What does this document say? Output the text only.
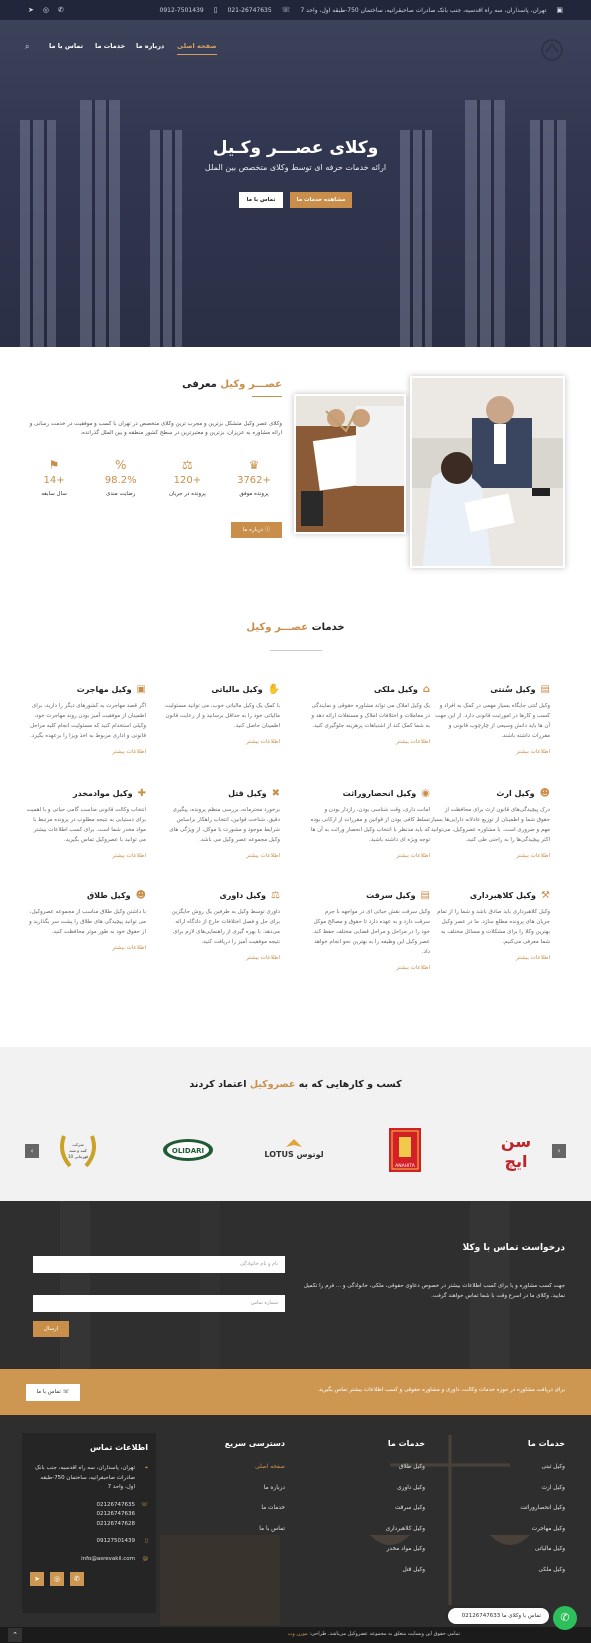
▣
تهران، پاسداران، سه راه اقدسیه، جنب بانک صادرات صاحبقرانیه، ساختمان 750-طبقه اول، واحد 7
☏
021-26747635
▯
0912-7501439
➤ ◎ ✆
⌕	تماس با ما خدمات ما درباره ما صفحه اصلی
وکلای عصـــر وکـیل

ارائه خدمات حرفه ای توسط وکلای متخصص بین الملل

تماس با ما	مشاهده خدمات ما
عصـــر وکیل معرفی
وکلای عصر وکیل متشکل بزترین و مجرب ترین وکلای متخصص در تهران با کسب و موفقیت در خدمت رسانی و ارائه مشاوره به عزیزان، بزترین و معتبرترین در سطح کشور منطقه و بین الملل گذرانده.
♛
+3762
پرونده موفق
⚖
+120
پرونده در جریان
%
98.2%
رضایت مندی
⚑
+14
سال سابقه
درباره ما ⓘ
خدمات عصـــر وکیل
▤
وکیل سُنتی
وکیل تُنتی جایگاه بسیار مهمی در کمک به افراد و کسب و کارها در امورثبت قانونی دارد. از این جهت آن ها باید دانش وسیعی از چارچوب قانونی و مقررات داشته باشند.
اطلاعات بیشتر
⌂
وکیل ملکی
یک وکیل املاک می تواند مشاوره حقوقی و نمایندگی در معاملات و اختلافات املاک و مستغلات ارائه دهد و به شما کمک کند از اشتباهات پرهزینه جلوگیری کنید.
اطلاعات بیشتر
✋
وکیل مالیاتی
با کمک یک وکیل مالیاتی خوب، می توانید مسئولیت مالیاتی خود را به حداقل برسانید و از رعایت قانون اطمینان حاصل کنید.
اطلاعات بیشتر
▣
وکیل مهاجرت
اگر قصد مهاجرت به کشورهای دیگر را دارید، برای اطمینان از موفقیت آمیز بودن روند مهاجرت خود، وکیلی استخدام کنید که مسئولیت انجام کلیه مراحل قانونی و اداری مربوط به اخذ ویزا را برعهده بگیرد.
اطلاعات بیشتر
☻
وکیل ارث
درک پیچیدگی‌های قانون ارث برای محافظت از حقوق شما و اطمینان از توزیع عادلانه دارایی‌ها بسیار مهم و ضروری است. با مشاوره عصروکیل، می‌توانید اکثر پیچیدگی‌ها را به راحتی طی کنید.
اطلاعات بیشتر
◉
وکیل انحصاروراثت
امانت داری، وقت شناسی بودن، رازدار بودن و تسلط کافی بودن از قوانین و مقررات از ارکانی بوده که باید مدنظر با انتخاب وکیل انحصار وراثت به آن ها توجه ویژه ای داشته باشید.
اطلاعات بیشتر
✖
وکیل قتل
برخورد محترمانه، بررسی منظم پرونده، پیگیری دقیق، شناخت قوانین، انتخاب راهکار براساس شرایط موجود و مشورت با موکل، از ویژگی های وکیل مجموعه عصر وکیل می باشد.
اطلاعات بیشتر
✚
وکیل موادمخدر
انتخاب وکالت قانونی مناسب گامی حیاتی و با اهمیت برای دستیابی به نتیجه مطلوب در پرونده مرتبط با مواد مخدر شما است. برای کسب اطلاعات بیشتر می توانید با عصروکیل تماس بگیرید.
اطلاعات بیشتر
⚒
وکیل کلاهبرداری
وکیل کلاهبرداری باید صادق باشد و شما را از تمام جریان های پرونده مطلع سازد. ما در عصر وکیل بهترین وکلا را برای مشکلات و مسائل مختلف به شما معرفی می‌کنیم.
اطلاعات بیشتر
▤
وکیل سرقت
وکیل سرقت نقش حیاتی ای در مواجهه با جرم سرقت دارد و به عهده دارد تا حقوق و مصالح موکل خود را در مراحل و مراحل قضایی مختلف حفظ کند. عصر وکیل این وظیفه را به بهترین نحو انجام خواهد داد.
اطلاعات بیشتر
⚖
وکیل داوری
داوری توسط وکیل به طرفین یک روش جایگزین برای حل و فصل اختلافات خارج از دادگاه ارائه می‌دهد. با بهره گیری از راهنمایی‌های لازم برای نتیجه موفقیت آمیز را دریافت کنید.
اطلاعات بیشتر
☻
وکیل طلاق
با داشتن وکیل طلاق مناسب از مجموعه عصروکیل، می توانید پیچیدگی های طلاق را پشت سر بگذارید و از حقوق خود به طور موثر محافظت کنید.
اطلاعات بیشتر
کسب و کارهایی که به عصروکیل اعتماد کردند
‹	›
سن
ایچ
ANAHITA
LOTUS لوتوس
OLIDARI
شرکت
کنند و منند
10 قهرمانی
درخواست تماس با وکلا

جهت کسب مشاوره و یا برای کسب اطلاعات بیشتر در خصوص دعاوی حقوقی، ملکی، خانوادگی و ... فرم را تکمیل نمایید. وکلای ما در اسرع وقت با شما تماس خواهند گرفت.

نام و نام خانوادگی
شماره تماس
ارسال
برای دریافت مشاوره در حوزه خدمات وکالت، داوری و مشاوره حقوقی و کسب اطلاعات بیشتر تماس بگیرید.
تماس با ما ☏
خدمات ما
وکیل ثبتی
وکیل ارث
وکیل انحصاروراثت
وکیل مهاجرت
وکیل مالیاتی
وکیل ملکی
خدمات ما
وکیل طلاق
وکیل داوری
وکیل سرقت
وکیل کلاهبرداری
وکیل مواد مخدر
وکیل قتل
دسترسی سریع
صفحه اصلی
درباره ما
خدمات ما
تماس با ما
اطلاعات تماس
⌖
تهران، پاسداران، سه راه اقدسیه، جنب بانک صادرات صاحبقرانیه، ساختمان 750-طبقه اول، واحد 7
☏
02126747635
02126747636
02126747628
▯
09127501439
@
info@asrevakil.com
➤	◎	✆
تمامی حقوق این وبسایت متعلق به مجموعه عصروکیل می‌باشد. طراحی: مورن وب
⌃
تماس با وکلای ما 02126747633	✆
